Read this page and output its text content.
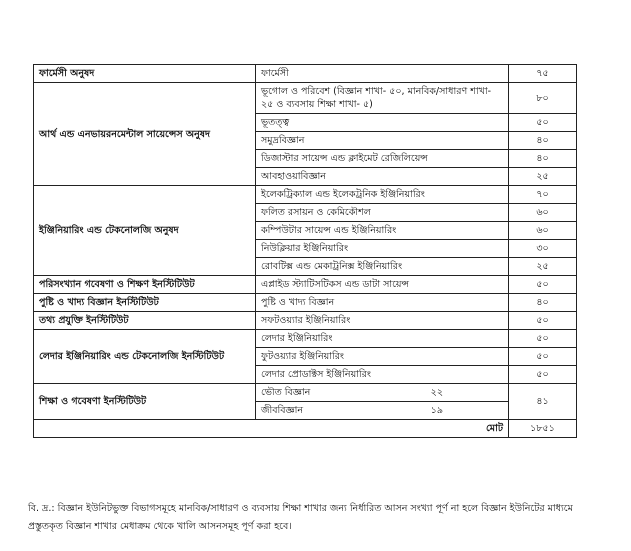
ফার্মেসী অনুষদ	ফার্মেসী	৭৫
আর্থ এন্ড এনভায়রনমেন্টাল সায়েন্সেস অনুষদ	ভূগোল ও পরিবেশ (বিজ্ঞান শাখা- ৫০, মানবিক/সাধারণ শাখা- ২৫ ও ব্যবসায় শিক্ষা শাখা- ৫)	৮০
	ভূতত্ত্ব	৫০
	সমুদ্রবিজ্ঞান	৪০
	ডিজাস্টার সায়েন্স এন্ড ক্লাইমেট রেজিলিয়েন্স	৪০
	আবহাওয়াবিজ্ঞান	২৫
ইঞ্জিনিয়ারিং এন্ড টেকনোলজি অনুষদ	ইলেকট্রিক্যাল এন্ড ইলেকট্রনিক ইঞ্জিনিয়ারিং	৭০
	ফলিত রসায়ন ও কেমিকৌশল	৬০
	কম্পিউটার সায়েন্স এন্ড ইঞ্জিনিয়ারিং	৬০
	নিউক্লিয়ার ইঞ্জিনিয়ারিং	৩০
	রোবটিক্স এন্ড মেকাট্রনিক্স ইঞ্জিনিয়ারিং	২৫
পরিসংখ্যান গবেষণা ও শিক্ষণ ইনস্টিটিউট	এপ্লাইড স্ট্যাটিসটিকস এন্ড ডাটা সায়েন্স	৫০
পুষ্টি ও খাদ্য বিজ্ঞান ইনস্টিটিউট	পুষ্টি ও খাদ্য বিজ্ঞান	৪০
তথ্য প্রযুক্তি ইনস্টিটিউট	সফটওয়্যার ইঞ্জিনিয়ারিং	৫০
লেদার ইঞ্জিনিয়ারিং এন্ড টেকনোলজি ইনস্টিটিউট	লেদার ইঞ্জিনিয়ারিং	৫০
	ফুটওয়্যার ইঞ্জিনিয়ারিং	৫০
	লেদার প্রোডাক্টস ইঞ্জিনিয়ারিং	৫০
শিক্ষা ও গবেষণা ইনস্টিটিউট	ভৌত বিজ্ঞান ২২	৪১

	জীববিজ্ঞান ১৯	

মোট		১৮৫১
বি. দ্র.: বিজ্ঞান ইউনিটভুক্ত বিভাগসমূহে মানবিক/সাধারণ ও ব্যবসায় শিক্ষা শাখার জন্য নির্ধারিত আসন সংখ্যা পূর্ণ না হলে বিজ্ঞান ইউনিটের মাধ্যমে প্রস্তুতকৃত বিজ্ঞান শাখার মেধাক্রম থেকে খালি আসনসমূহ পূর্ণ করা হবে।
